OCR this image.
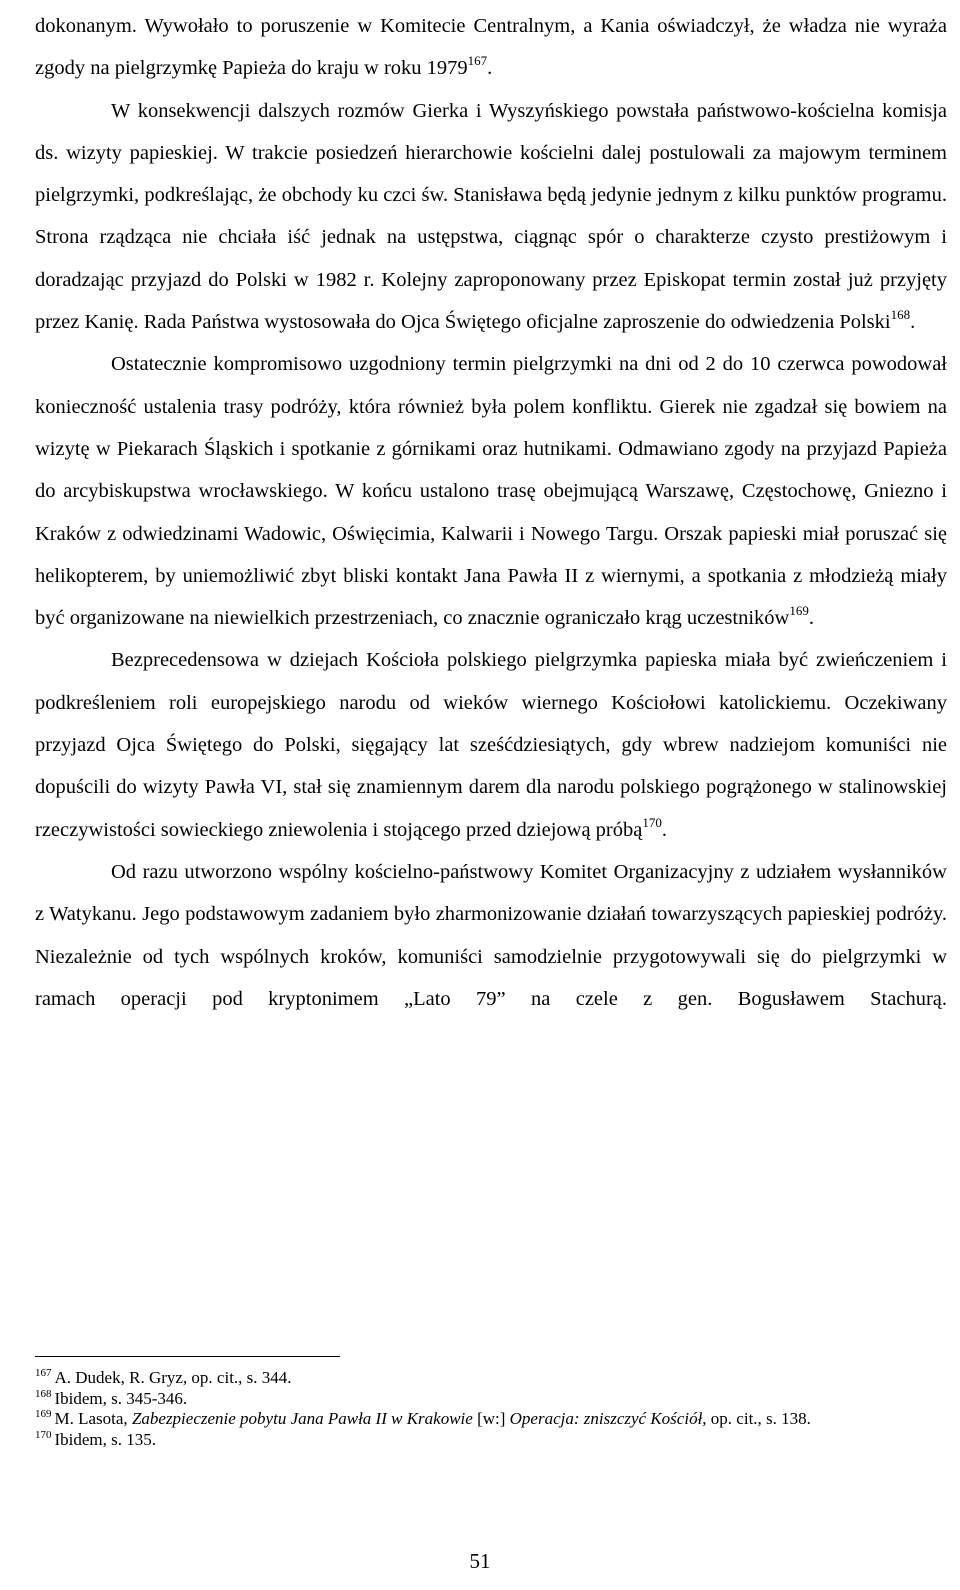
dokonanym. Wywołało to poruszenie w Komitecie Centralnym, a Kania oświadczył, że władza nie wyraża zgody na pielgrzymkę Papieża do kraju w roku 1979$^{167}$.

W konsekwencji dalszych rozmów Gierka i Wyszyńskiego powstała państwowo-kościelna komisja ds. wizyty papieskiej. W trakcie posiedzeń hierarchowie kościelni dalej postulowali za majowym terminem pielgrzymki, podkreślając, że obchody ku czci św. Stanisława będą jedynie jednym z kilku punktów programu. Strona rządząca nie chciała iść jednak na ustępstwa, ciągnąc spór o charakterze czysto prestiżowym i doradzając przyjazd do Polski w 1982 r. Kolejny zaproponowany przez Episkopat termin został już przyjęty przez Kanię. Rada Państwa wystosowała do Ojca Świętego oficjalne zaproszenie do odwiedzenia Polski$^{168}$.

Ostatecznie kompromisowo uzgodniony termin pielgrzymki na dni od 2 do 10 czerwca powodował konieczność ustalenia trasy podróży, która również była polem konfliktu. Gierek nie zgadzał się bowiem na wizytę w Piekarach Śląskich i spotkanie z górnikami oraz hutnikami. Odmawiano zgody na przyjazd Papieża do arcybiskupstwa wrocławskiego. W końcu ustalono trasę obejmującą Warszawę, Częstochowę, Gniezno i Kraków z odwiedzinami Wadowic, Oświęcimia, Kalwarii i Nowego Targu. Orszak papieski miał poruszać się helikopterem, by uniemożliwić zbyt bliski kontakt Jana Pawła II z wiernymi, a spotkania z młodzieżą miały być organizowane na niewielkich przestrzeniach, co znacznie ograniczało krąg uczestników$^{169}$.

Bezprecedensowa w dziejach Kościoła polskiego pielgrzymka papieska miała być zwieńczeniem i podkreśleniem roli europejskiego narodu od wieków wiernego Kościołowi katolickiemu. Oczekiwany przyjazd Ojca Świętego do Polski, sięgający lat sześćdziesiątych, gdy wbrew nadziejom komuniści nie dopuścili do wizyty Pawła VI, stał się znamiennym darem dla narodu polskiego pogrążonego w stalinowskiej rzeczywistości sowieckiego zniewolenia i stojącego przed dziejową próbą$^{170}$.

Od razu utworzono wspólny kościelno-państwowy Komitet Organizacyjny z udziałem wysłanników z Watykanu. Jego podstawowym zadaniem było zharmonizowanie działań towarzyszących papieskiej podróży. Niezależnie od tych wspólnych kroków, komuniści samodzielnie przygotowywali się do pielgrzymki w ramach operacji pod kryptonimem „Lato 79” na czele z gen. Bogusławem Stachurą.

$^{167}$ A. Dudek, R. Gryz, op. cit., s. 344.

$^{168}$ Ibidem, s. 345-346.

$^{169}$ M. Lasota, Zabezpieczenie pobytu Jana Pawła II w Krakowie [w:] Operacja: zniszczyć Kościół, op. cit., s. 138.

$^{170}$ Ibidem, s. 135.

51
